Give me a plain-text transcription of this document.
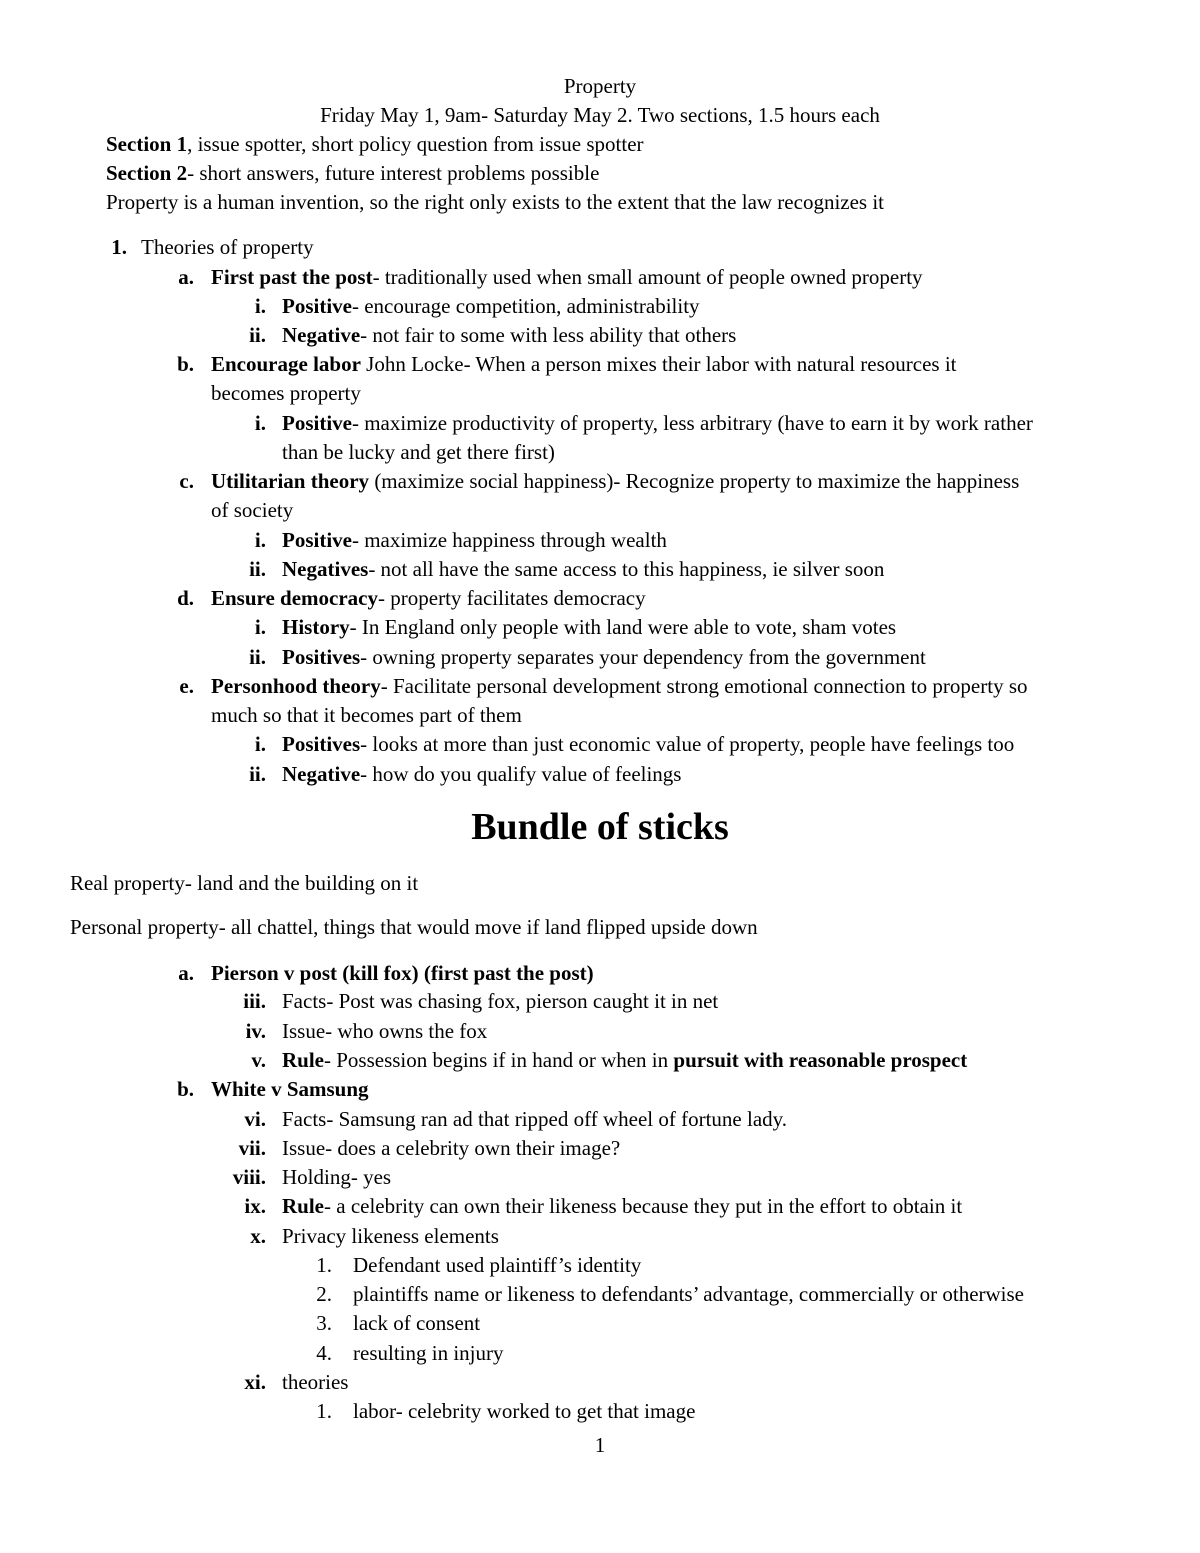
Property
Friday May 1, 9am- Saturday May 2. Two sections, 1.5 hours each
Section 1, issue spotter, short policy question from issue spotter
Section 2- short answers, future interest problems possible
Property is a human invention, so the right only exists to the extent that the law recognizes it
1. Theories of property
a. First past the post- traditionally used when small amount of people owned property
i. Positive- encourage competition, administrability
ii. Negative- not fair to some with less ability that others
b. Encourage labor John Locke- When a person mixes their labor with natural resources it
becomes property
i. Positive- maximize productivity of property, less arbitrary (have to earn it by work rather
than be lucky and get there first)
c. Utilitarian theory (maximize social happiness)- Recognize property to maximize the happiness
of society
i. Positive- maximize happiness through wealth
ii. Negatives- not all have the same access to this happiness, ie silver soon
d. Ensure democracy- property facilitates democracy
i. History- In England only people with land were able to vote, sham votes
ii. Positives- owning property separates your dependency from the government
e. Personhood theory- Facilitate personal development strong emotional connection to property so
much so that it becomes part of them
i. Positives- looks at more than just economic value of property, people have feelings too
ii. Negative- how do you qualify value of feelings
Bundle of sticks
Real property- land and the building on it
Personal property- all chattel, things that would move if land flipped upside down
a. Pierson v post (kill fox) (first past the post)
iii. Facts- Post was chasing fox, pierson caught it in net
iv. Issue- who owns the fox
v. Rule- Possession begins if in hand or when in pursuit with reasonable prospect
b. White v Samsung
vi. Facts- Samsung ran ad that ripped off wheel of fortune lady.
vii. Issue- does a celebrity own their image?
viii. Holding- yes
ix. Rule- a celebrity can own their likeness because they put in the effort to obtain it
x. Privacy likeness elements
1. Defendant used plaintiff’s identity
2. plaintiffs name or likeness to defendants’ advantage, commercially or otherwise
3. lack of consent
4. resulting in injury
xi. theories
1. labor- celebrity worked to get that image
1
